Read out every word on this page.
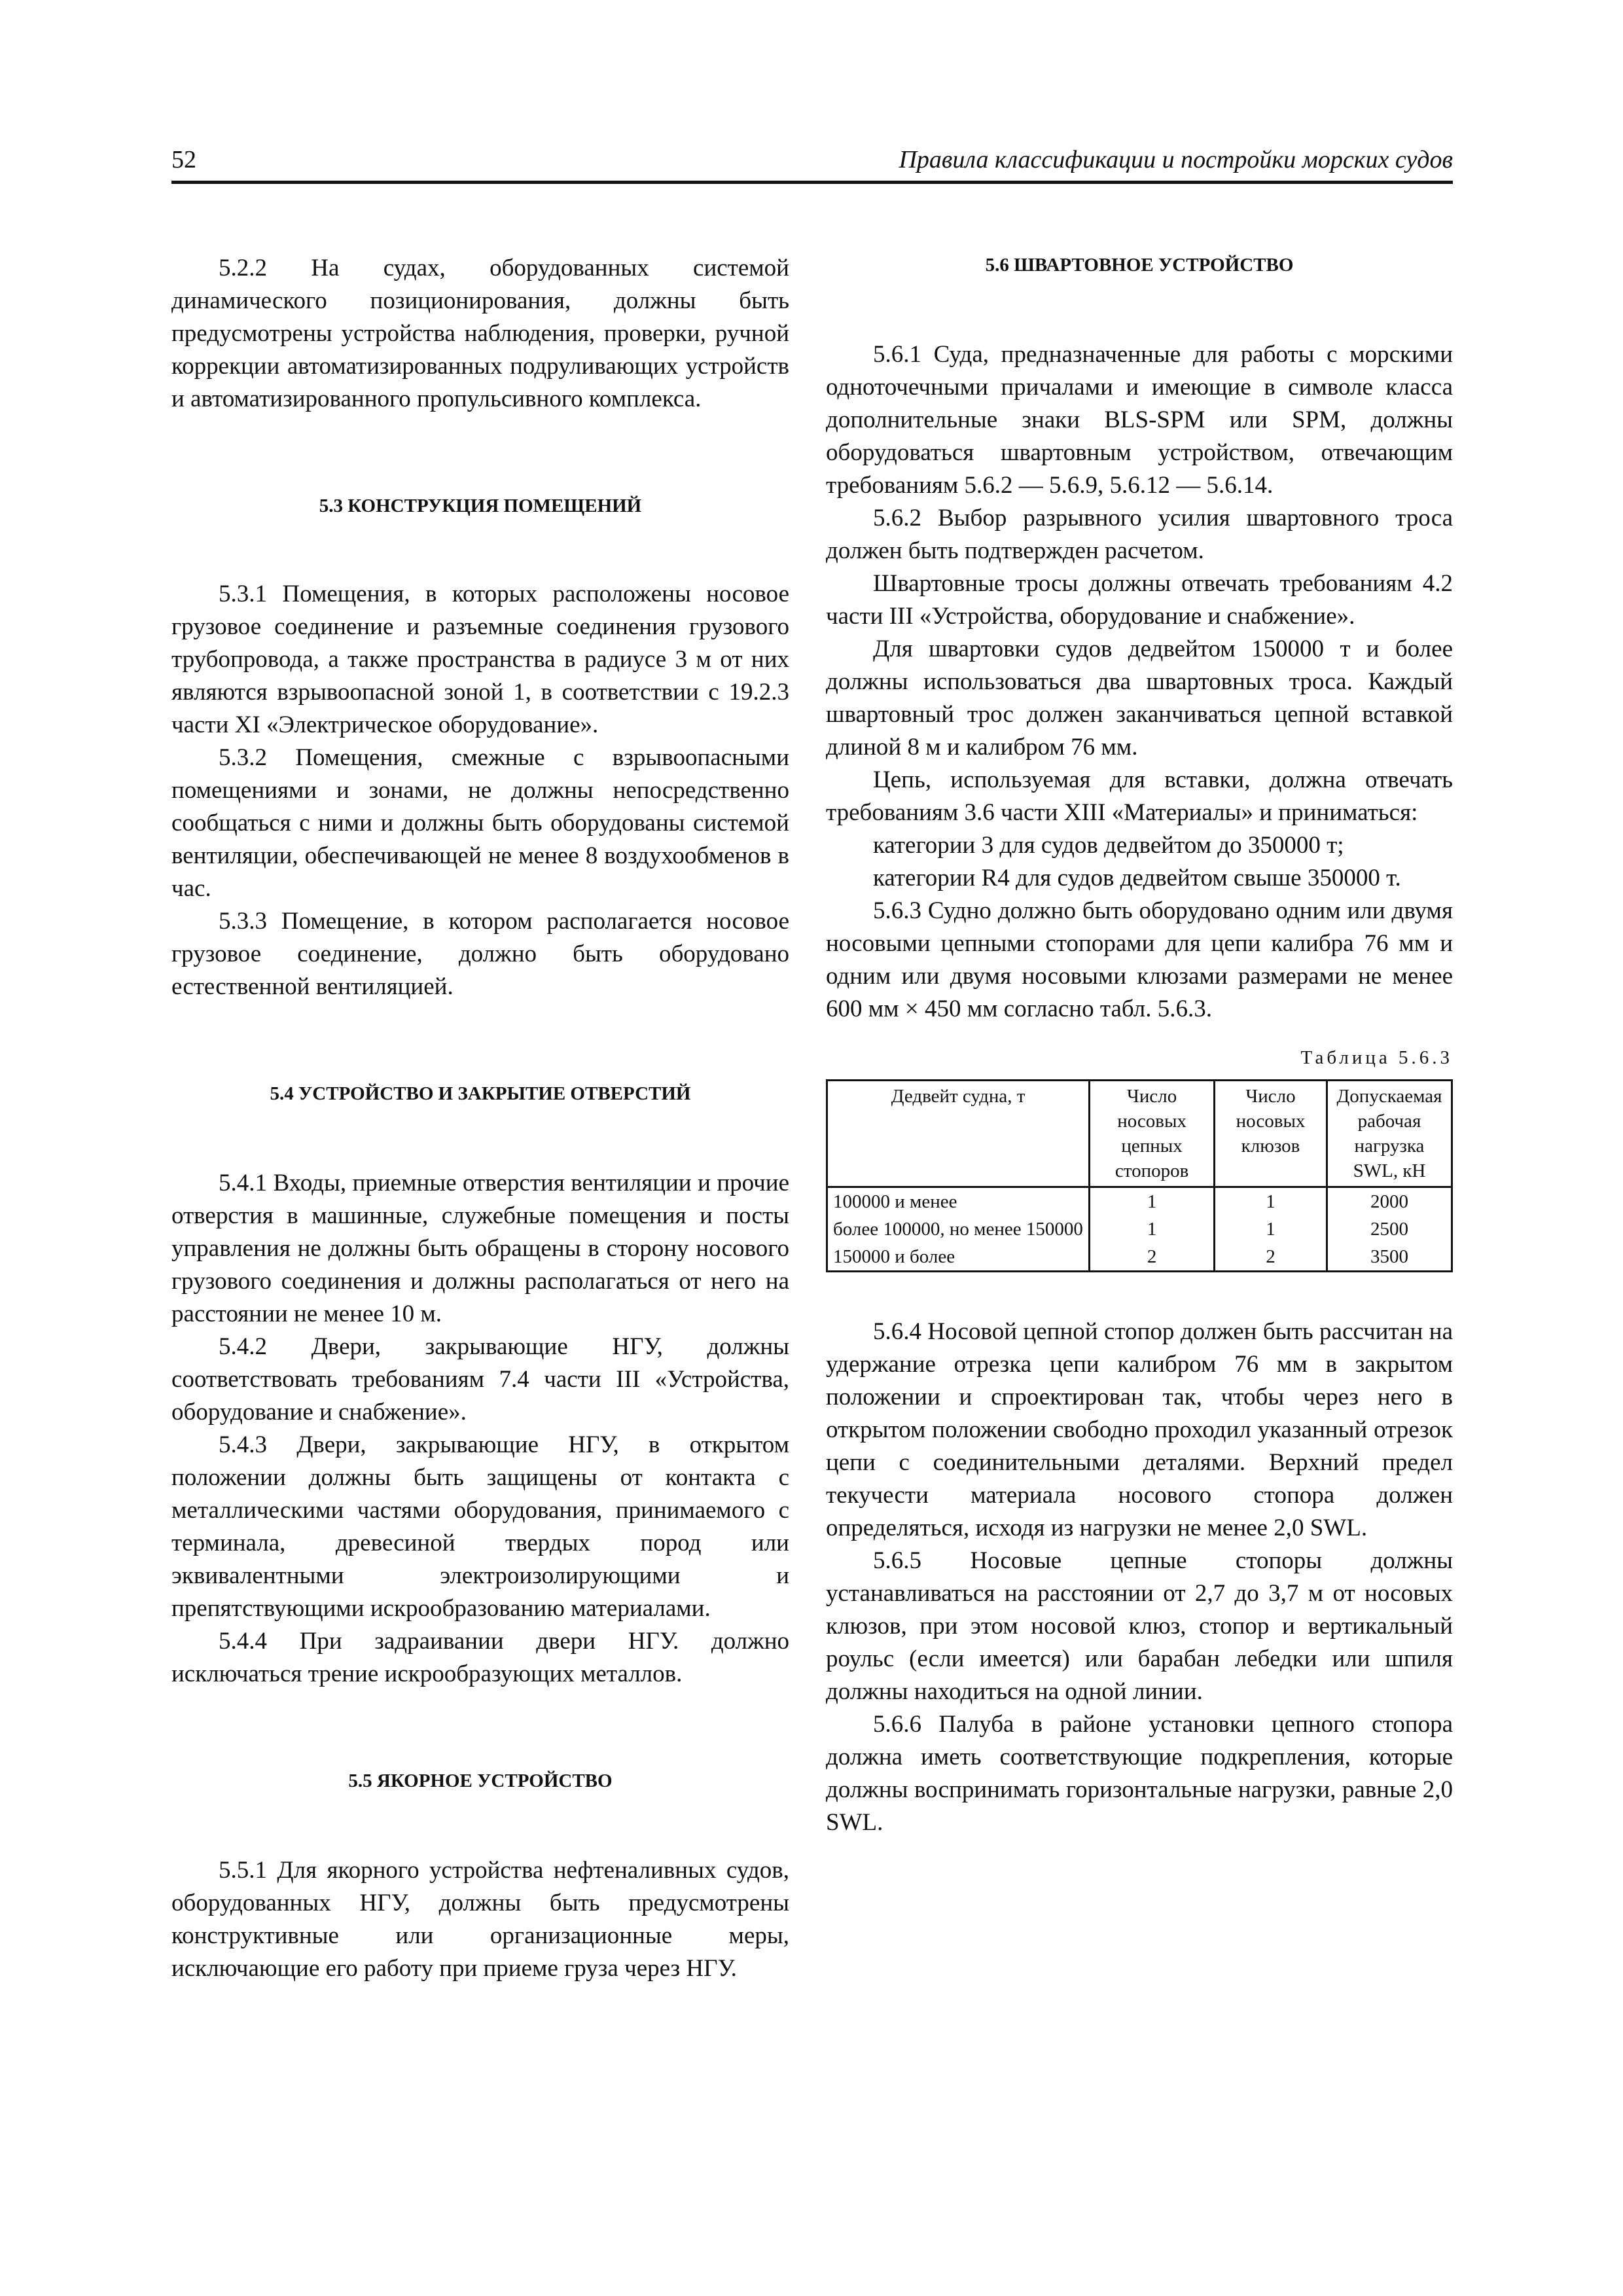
52	Правила классификации и постройки морских судов

5.2.2 На судах, оборудованных системой динамического позиционирования, должны быть предусмотрены устройства наблюдения, проверки, ручной коррекции автоматизированных подруливающих устройств и автоматизированного пропульсивного комплекса.

5.3 КОНСТРУКЦИЯ ПОМЕЩЕНИЙ

5.3.1 Помещения, в которых расположены носовое грузовое соединение и разъемные соединения грузового трубопровода, а также пространства в радиусе 3 м от них являются взрывоопасной зоной 1, в соответствии с 19.2.3 части XI «Электрическое оборудование».

5.3.2 Помещения, смежные с взрывоопасными помещениями и зонами, не должны непосредственно сообщаться с ними и должны быть оборудованы системой вентиляции, обеспечивающей не менее 8 воздухообменов в час.

5.3.3 Помещение, в котором располагается носовое грузовое соединение, должно быть оборудовано естественной вентиляцией.

5.4 УСТРОЙСТВО И ЗАКРЫТИЕ ОТВЕРСТИЙ

5.4.1 Входы, приемные отверстия вентиляции и прочие отверстия в машинные, служебные помещения и посты управления не должны быть обращены в сторону носового грузового соединения и должны располагаться от него на расстоянии не менее 10 м.

5.4.2 Двери, закрывающие НГУ, должны соответствовать требованиям 7.4 части III «Устройства, оборудование и снабжение».

5.4.3 Двери, закрывающие НГУ, в открытом положении должны быть защищены от контакта с металлическими частями оборудования, принимаемого с терминала, древесиной твердых пород или эквивалентными электроизолирующими и препятствующими искрообразованию материалами.

5.4.4 При задраивании двери НГУ. должно исключаться трение искрообразующих металлов.

5.5 ЯКОРНОЕ УСТРОЙСТВО

5.5.1 Для якорного устройства нефтеналивных судов, оборудованных НГУ, должны быть предусмотрены конструктивные или организационные меры, исключающие его работу при приеме груза через НГУ.

5.6 ШВАРТОВНОЕ УСТРОЙСТВО

5.6.1 Суда, предназначенные для работы с морскими одноточечными причалами и имеющие в символе класса дополнительные знаки BLS-SPM или SPM, должны оборудоваться швартовным устройством, отвечающим требованиям 5.6.2 — 5.6.9, 5.6.12 — 5.6.14.

5.6.2 Выбор разрывного усилия швартовного троса должен быть подтвержден расчетом.

Швартовные тросы должны отвечать требованиям 4.2 части III «Устройства, оборудование и снабжение».

Для швартовки судов дедвейтом 150000 т и более должны использоваться два швартовных троса. Каждый швартовный трос должен заканчиваться цепной вставкой длиной 8 м и калибром 76 мм.

Цепь, используемая для вставки, должна отвечать требованиям 3.6 части XIII «Материалы» и приниматься:

категории 3 для судов дедвейтом до 350000 т;

категории R4 для судов дедвейтом свыше 350000 т.

5.6.3 Судно должно быть оборудовано одним или двумя носовыми цепными стопорами для цепи калибра 76 мм и одним или двумя носовыми клюзами размерами не менее 600 мм × 450 мм согласно табл. 5.6.3.

Таблица 5.6.3

Дедвейт судна, т	Число носовых цепных стопоров	Число носовых клюзов	Допускаемая рабочая нагрузка SWL, кН
100000 и менее	1	1	2000
более 100000, но менее 150000	1	1	2500
150000 и более	2	2	3500

5.6.4 Носовой цепной стопор должен быть рассчитан на удержание отрезка цепи калибром 76 мм в закрытом положении и спроектирован так, чтобы через него в открытом положении свободно проходил указанный отрезок цепи с соединительными деталями. Верхний предел текучести материала носового стопора должен определяться, исходя из нагрузки не менее 2,0 SWL.

5.6.5 Носовые цепные стопоры должны устанавливаться на расстоянии от 2,7 до 3,7 м от носовых клюзов, при этом носовой клюз, стопор и вертикальный роульс (если имеется) или барабан лебедки или шпиля должны находиться на одной линии.

5.6.6 Палуба в районе установки цепного стопора должна иметь соответствующие подкрепления, которые должны воспринимать горизонтальные нагрузки, равные 2,0 SWL.
